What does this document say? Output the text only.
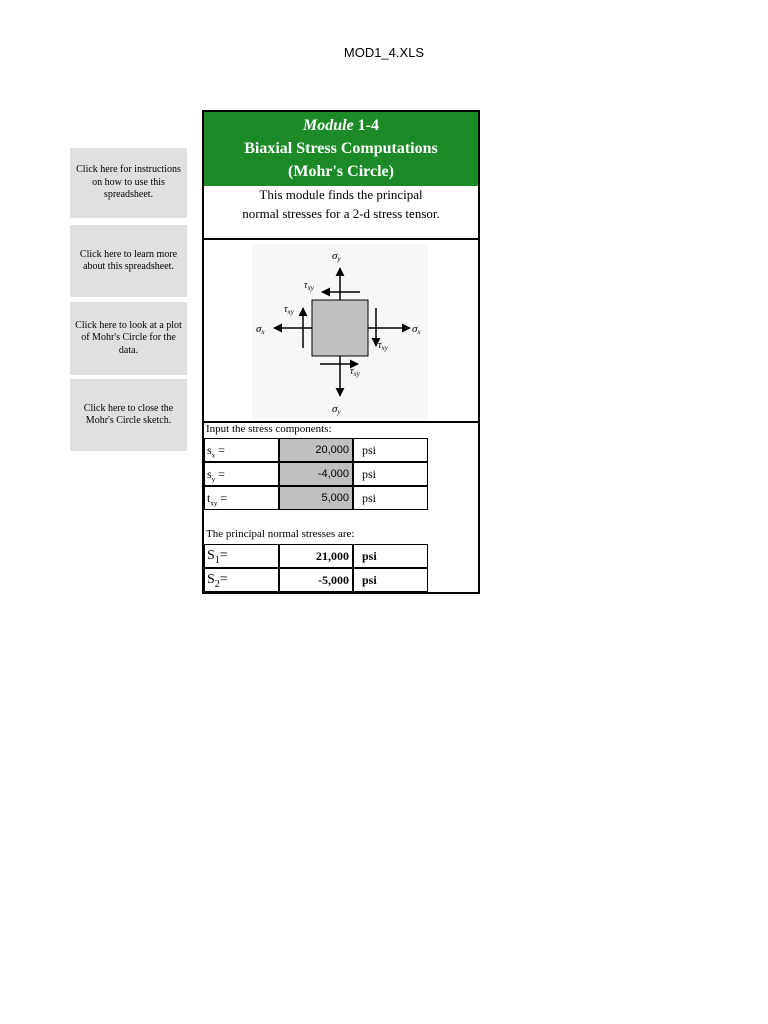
MOD1_4.XLS
Click here for instructions on how to use this spreadsheet.
Click here to learn more about this spreadsheet.
Click here to look at a plot of Mohr's Circle for the data.
Click here to close the Mohr's Circle sketch.
Module 1-4
Biaxial Stress Computations
(Mohr's Circle)
This module finds the principal normal stresses for a 2-d stress tensor.
σy
σy
σx	σx
$\tau_{xy}$
$\tau_{xy}$
$\tau_{xy}$
$\tau_{xy}$
Input the stress components:
$s_x$ =	20,000	psi
$s_y$ =	-4,000	psi
$t_{xy}$ =	5,000	psi
The principal normal stresses are:
$S_1=$	21,000	psi
$S_2=$	-5,000	psi
